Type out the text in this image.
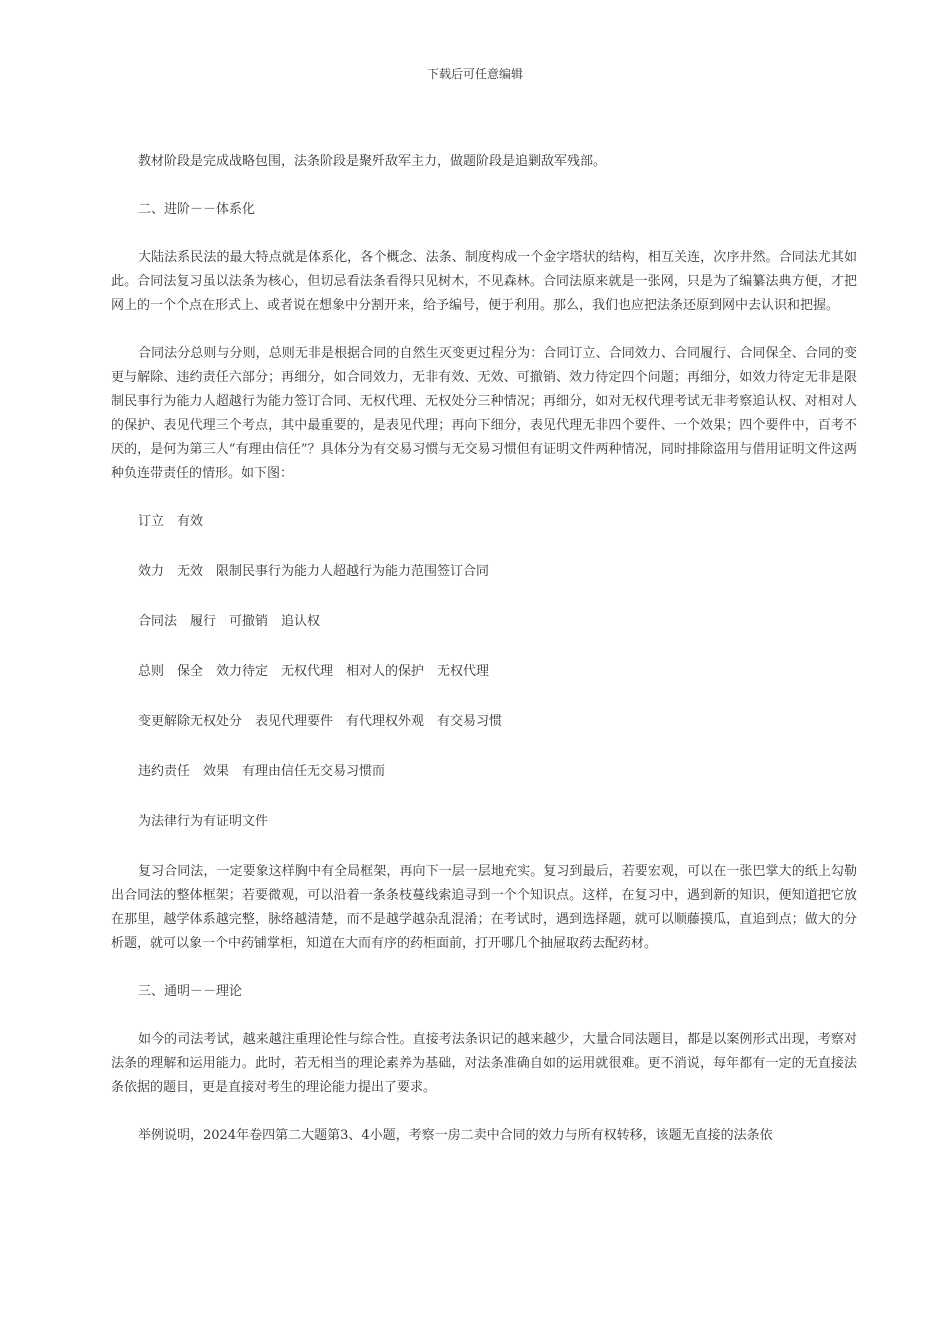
下载后可任意编辑

教材阶段是完成战略包围，法条阶段是聚歼敌军主力，做题阶段是追剿敌军残部。

二、进阶－－体系化

大陆法系民法的最大特点就是体系化，各个概念、法条、制度构成一个金字塔状的结构，相互关连，次序井然。合同法尤其如此。合同法复习虽以法条为核心，但切忌看法条看得只见树木，不见森林。合同法原来就是一张网，只是为了编纂法典方便，才把网上的一个个点在形式上、或者说在想象中分割开来，给予编号，便于利用。那么，我们也应把法条还原到网中去认识和把握。

合同法分总则与分则，总则无非是根据合同的自然生灭变更过程分为：合同订立、合同效力、合同履行、合同保全、合同的变更与解除、违约责任六部分；再细分，如合同效力，无非有效、无效、可撤销、效力待定四个问题；再细分，如效力待定无非是限制民事行为能力人超越行为能力签订合同、无权代理、无权处分三种情况；再细分，如对无权代理考试无非考察追认权、对相对人的保护、表见代理三个考点，其中最重要的，是表见代理；再向下细分，表见代理无非四个要件、一个效果；四个要件中，百考不厌的，是何为第三人“有理由信任”？具体分为有交易习惯与无交易习惯但有证明文件两种情况，同时排除盗用与借用证明文件这两种负连带责任的情形。如下图：

订立　有效

效力　无效　限制民事行为能力人超越行为能力范围签订合同

合同法　履行　可撤销　追认权

总则　保全　效力待定　无权代理　相对人的保护　无权代理

变更解除无权处分　表见代理要件　有代理权外观　有交易习惯

违约责任　效果　有理由信任无交易习惯而

为法律行为有证明文件

复习合同法，一定要象这样胸中有全局框架，再向下一层一层地充实。复习到最后，若要宏观，可以在一张巴掌大的纸上勾勒出合同法的整体框架；若要微观，可以沿着一条条枝蔓线索追寻到一个个知识点。这样，在复习中，遇到新的知识，便知道把它放在那里，越学体系越完整，脉络越清楚，而不是越学越杂乱混淆；在考试时，遇到选择题，就可以顺藤摸瓜，直追到点；做大的分析题，就可以象一个中药铺掌柜，知道在大而有序的药柜面前，打开哪几个抽屉取药去配药材。

三、通明－－理论

如今的司法考试，越来越注重理论性与综合性。直接考法条识记的越来越少，大量合同法题目，都是以案例形式出现，考察对法条的理解和运用能力。此时，若无相当的理论素养为基础，对法条准确自如的运用就很难。更不消说，每年都有一定的无直接法条依据的题目，更是直接对考生的理论能力提出了要求。

举例说明，2024年卷四第二大题第3、4小题，考察一房二卖中合同的效力与所有权转移，该题无直接的法条依
